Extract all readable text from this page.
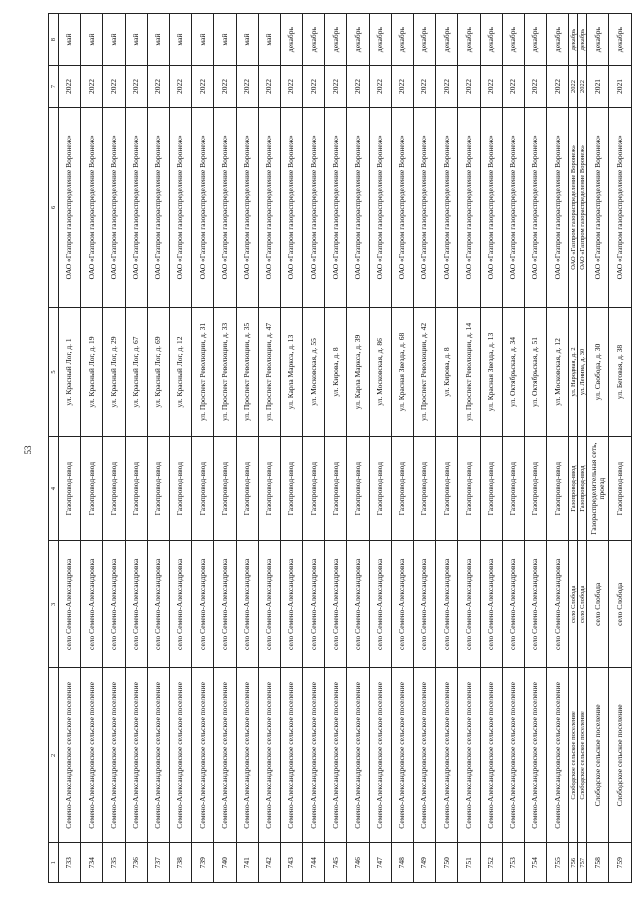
53
1	2	3	4	5	6	7	8
733	Семено-Александровское сельское поселение	село Семено-Александровка	Газопровод-ввод	ул. Красный Лог, д. 1	ОАО «Газпром газораспределение Воронеж»	2022	май
734	Семено-Александровское сельское поселение	село Семено-Александровка	Газопровод-ввод	ул. Красный Лог, д. 19	ОАО «Газпром газораспределение Воронеж»	2022	май
735	Семено-Александровское сельское поселение	село Семено-Александровка	Газопровод-ввод	ул. Красный Лог, д. 29	ОАО «Газпром газораспределение Воронеж»	2022	май
736	Семено-Александровское сельское поселение	село Семено-Александровка	Газопровод-ввод	ул. Красный Лог, д. 67	ОАО «Газпром газораспределение Воронеж»	2022	май
737	Семено-Александровское сельское поселение	село Семено-Александровка	Газопровод-ввод	ул. Красный Лог, д. 69	ОАО «Газпром газораспределение Воронеж»	2022	май
738	Семено-Александровское сельское поселение	село Семено-Александровка	Газопровод-ввод	ул. Красный Лог, д. 12	ОАО «Газпром газораспределение Воронеж»	2022	май
739	Семено-Александровское сельское поселение	село Семено-Александровка	Газопровод-ввод	ул. Проспект Революции, д. 31	ОАО «Газпром газораспределение Воронеж»	2022	май
740	Семено-Александровское сельское поселение	село Семено-Александровка	Газопровод-ввод	ул. Проспект Революции, д. 33	ОАО «Газпром газораспределение Воронеж»	2022	май
741	Семено-Александровское сельское поселение	село Семено-Александровка	Газопровод-ввод	ул. Проспект Революции, д. 35	ОАО «Газпром газораспределение Воронеж»	2022	май
742	Семено-Александровское сельское поселение	село Семено-Александровка	Газопровод-ввод	ул. Проспект Революции, д. 47	ОАО «Газпром газораспределение Воронеж»	2022	май
743	Семено-Александровское сельское поселение	село Семено-Александровка	Газопровод-ввод	ул. Карла Маркса, д. 13	ОАО «Газпром газораспределение Воронеж»	2022	декабрь
744	Семено-Александровское сельское поселение	село Семено-Александровка	Газопровод-ввод	ул. Московская, д. 55	ОАО «Газпром газораспределение Воронеж»	2022	декабрь
745	Семено-Александровское сельское поселение	село Семено-Александровка	Газопровод-ввод	ул. Кирова, д. 8	ОАО «Газпром газораспределение Воронеж»	2022	декабрь
746	Семено-Александровское сельское поселение	село Семено-Александровка	Газопровод-ввод	ул. Карла Маркса, д. 39	ОАО «Газпром газораспределение Воронеж»	2022	декабрь
747	Семено-Александровское сельское поселение	село Семено-Александровка	Газопровод-ввод	ул. Московская, д. 86	ОАО «Газпром газораспределение Воронеж»	2022	декабрь
748	Семено-Александровское сельское поселение	село Семено-Александровка	Газопровод-ввод	ул. Красная Звезда, д. 68	ОАО «Газпром газораспределение Воронеж»	2022	декабрь
749	Семено-Александровское сельское поселение	село Семено-Александровка	Газопровод-ввод	ул. Проспект Революции, д. 42	ОАО «Газпром газораспределение Воронеж»	2022	декабрь
750	Семено-Александровское сельское поселение	село Семено-Александровка	Газопровод-ввод	ул. Кирова, д. 8	ОАО «Газпром газораспределение Воронеж»	2022	декабрь
751	Семено-Александровское сельское поселение	село Семено-Александровка	Газопровод-ввод	ул. Проспект Революции, д. 14	ОАО «Газпром газораспределение Воронеж»	2022	декабрь
752	Семено-Александровское сельское поселение	село Семено-Александровка	Газопровод-ввод	ул. Красная Звезда, д. 13	ОАО «Газпром газораспределение Воронеж»	2022	декабрь
753	Семено-Александровское сельское поселение	село Семено-Александровка	Газопровод-ввод	ул. Октябрьская, д. 34	ОАО «Газпром газораспределение Воронеж»	2022	декабрь
754	Семено-Александровское сельское поселение	село Семено-Александровка	Газопровод-ввод	ул. Октябрьская, д. 51	ОАО «Газпром газораспределение Воронеж»	2022	декабрь
755	Семено-Александровское сельское поселение	село Семено-Александровка	Газопровод-ввод	ул. Московская, д. 12	ОАО «Газпром газораспределение Воронеж»	2022	декабрь
756	Слободское сельское поселение	село Слобода	Газопровод-ввод	ул. Народная, д. 2	ОАО «Газпром газораспределение Воронеж»	2022	декабрь
757	Слободское сельское поселение	село Слобода	Газопровод-ввод	ул. Ленина, д. 30	ОАО «Газпром газораспределение Воронеж»	2022	декабрь
758	Слободское сельское поселение	село Слобода	Газораспределительная сеть, проезд	ул. Свобода, д. 30	ОАО «Газпром газораспределение Воронеж»	2021	декабрь
759	Слободское сельское поселение	село Слобода	Газопровод-ввод	ул. Беговая, д. 38	ОАО «Газпром газораспределение Воронеж»	2021	декабрь
